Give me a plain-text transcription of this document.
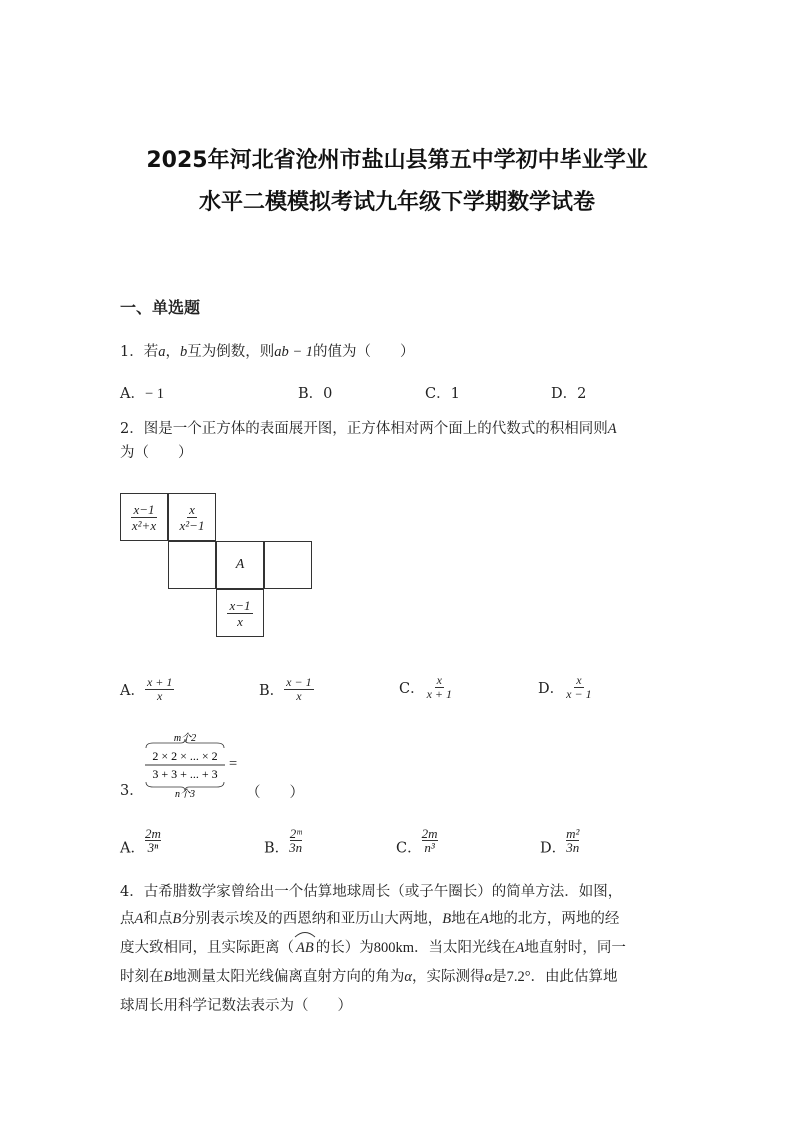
2025年河北省沧州市盐山县第五中学初中毕业学业
水平二模模拟考试九年级下学期数学试卷
一、单选题
1．若a，b互为倒数，则ab − 1的值为（　　）
A．− 1	B．0	C．1	D．2
2．图是一个正方体的表面展开图，正方体相对两个面上的代数式的积相同则A
为（　　）
$\frac{x-1}{\text{x²+x}} \frac{x}{\text{x²−1}}$
A
$\frac{x-1}{x}$
A． $\frac{x + 1}{x}$	B． $\frac{x - 1}{x}$	C． $\frac{x}{x + 1}$	D． $\frac{x}{x - 1}$
3．
m个2
2 × 2 × ... × 2
3 + 3 + ... + 3
n个3
=
（　　）
A． $\frac{2m}{\text{3ⁿ}}$	B． $\frac{\text{2ᵐ}}{3n}$	C． $\frac{2m}{\text{n³}}$	D． $\frac{\text{m²}}{3n}$
4．古希腊数学家曾给出一个估算地球周长（或子午圈长）的简单方法．如图，
点A和点B分别表示埃及的西恩纳和亚历山大两地，B地在A地的北方，两地的经
度大致相同，且实际距离（ AB 的长）为800km．当太阳光线在A地直射时，同一
时刻在B地测量太阳光线偏离直射方向的角为α，实际测得α是7.2°．由此估算地
球周长用科学记数法表示为（　　）
